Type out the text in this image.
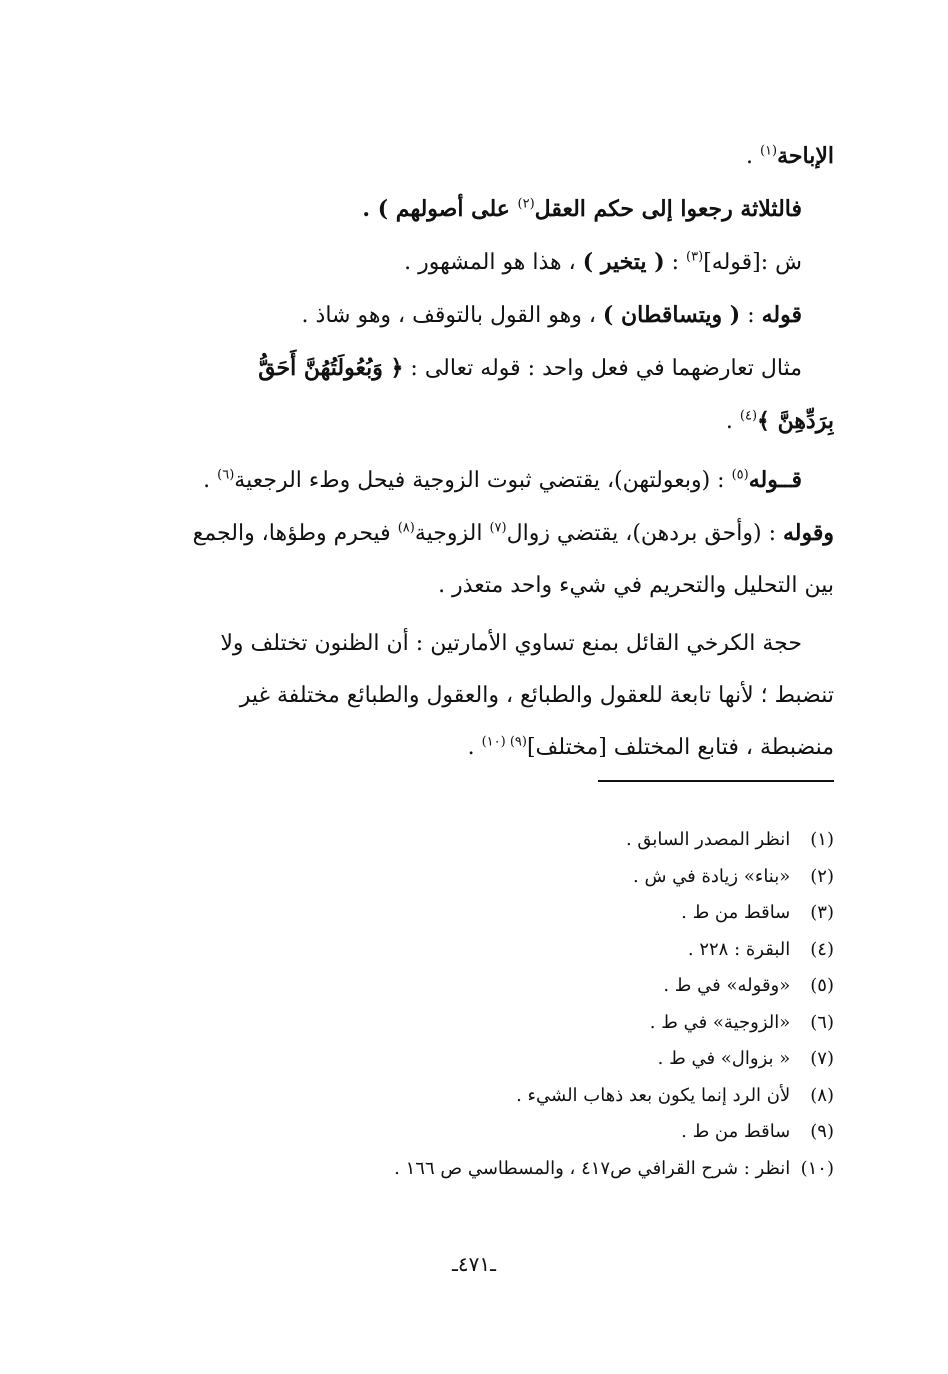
الإباحة$^{(١)}$ .
فالثلاثة رجعوا إلى حكم العقل$^{(٢)}$ على أصولهم ) .
ش :[قوله]$^{(٣)}$ : ( يتخير ) ، هذا هو المشهور .
قوله : ( ويتساقطان ) ، وهو القول بالتوقف ، وهو شاذ .
مثال تعارضهما في فعل واحد : قوله تعالى : ﴿ وَبُعُولَتُهُنَّ أَحَقُّ
بِرَدِّهِنَّ ﴾$^{(٤)}$ .
قــوله$^{(٥)}$ : (وبعولتهن)، يقتضي ثبوت الزوجية فيحل وطء الرجعية$^{(٦)}$ .
وقوله : (وأحق بردهن)، يقتضي زوال$^{(٧)}$ الزوجية$^{(٨)}$ فيحرم وطؤها، والجمع
بين التحليل والتحريم في شيء واحد متعذر .
حجة الكرخي القائل بمنع تساوي الأمارتين : أن الظنون تختلف ولا
تنضبط ؛ لأنها تابعة للعقول والطبائع ، والعقول والطبائع مختلفة غير
منضبطة ، فتابع المختلف [مختلف]$^{(٩) (١٠)}$ .
(١) انظر المصدر السابق .
(٢) «بناء» زيادة في ش .
(٣) ساقط من ط .
(٤) البقرة : ٢٢٨ .
(٥) «وقوله» في ط .
(٦) «الزوجية» في ط .
(٧) « بزوال» في ط .
(٨) لأن الرد إنما يكون بعد ذهاب الشيء .
(٩) ساقط من ط .
(١٠) انظر : شرح القرافي ص٤١٧ ، والمسطاسي ص ١٦٦ .
ـ٤٧١ـ
